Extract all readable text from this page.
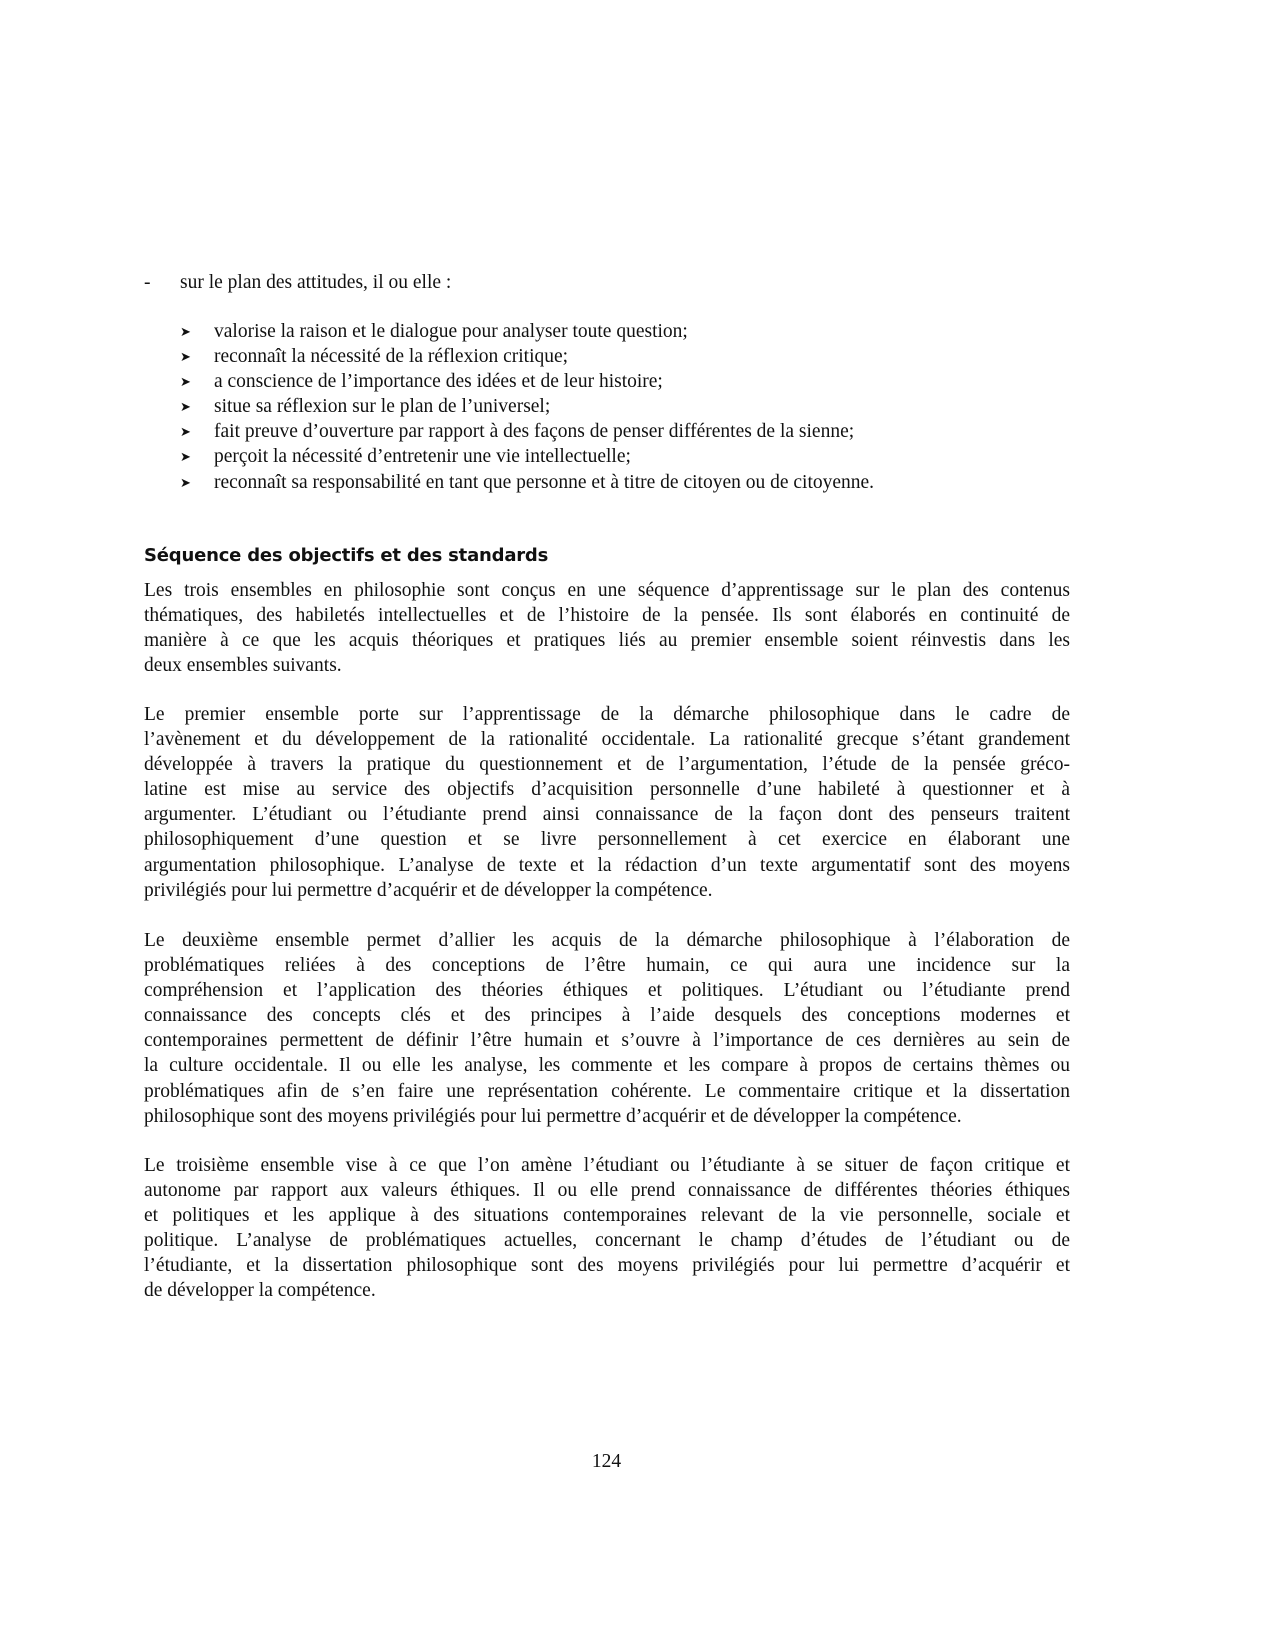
- sur le plan des attitudes, il ou elle :
➤	valorise la raison et le dialogue pour analyser toute question;
➤	reconnaît la nécessité de la réflexion critique;
➤	a conscience de l’importance des idées et de leur histoire;
➤	situe sa réflexion sur le plan de l’universel;
➤	fait preuve d’ouverture par rapport à des façons de penser différentes de la sienne;
➤	perçoit la nécessité d’entretenir une vie intellectuelle;
➤	reconnaît sa responsabilité en tant que personne et à titre de citoyen ou de citoyenne.
Séquence des objectifs et des standards
Les trois ensembles en philosophie sont conçus en une séquence d’apprentissage sur le plan des contenus
thématiques, des habiletés intellectuelles et de l’histoire de la pensée. Ils sont élaborés en continuité de
manière à ce que les acquis théoriques et pratiques liés au premier ensemble soient réinvestis dans les
deux ensembles suivants.
Le premier ensemble porte sur l’apprentissage de la démarche philosophique dans le cadre de
l’avènement et du développement de la rationalité occidentale. La rationalité grecque s’étant grandement
développée à travers la pratique du questionnement et de l’argumentation, l’étude de la pensée gréco-
latine est mise au service des objectifs d’acquisition personnelle d’une habileté à questionner et à
argumenter. L’étudiant ou l’étudiante prend ainsi connaissance de la façon dont des penseurs traitent
philosophiquement d’une question et se livre personnellement à cet exercice en élaborant une
argumentation philosophique. L’analyse de texte et la rédaction d’un texte argumentatif sont des moyens
privilégiés pour lui permettre d’acquérir et de développer la compétence.
Le deuxième ensemble permet d’allier les acquis de la démarche philosophique à l’élaboration de
problématiques reliées à des conceptions de l’être humain, ce qui aura une incidence sur la
compréhension et l’application des théories éthiques et politiques. L’étudiant ou l’étudiante prend
connaissance des concepts clés et des principes à l’aide desquels des conceptions modernes et
contemporaines permettent de définir l’être humain et s’ouvre à l’importance de ces dernières au sein de
la culture occidentale. Il ou elle les analyse, les commente et les compare à propos de certains thèmes ou
problématiques afin de s’en faire une représentation cohérente. Le commentaire critique et la dissertation
philosophique sont des moyens privilégiés pour lui permettre d’acquérir et de développer la compétence.
Le troisième ensemble vise à ce que l’on amène l’étudiant ou l’étudiante à se situer de façon critique et
autonome par rapport aux valeurs éthiques. Il ou elle prend connaissance de différentes théories éthiques
et politiques et les applique à des situations contemporaines relevant de la vie personnelle, sociale et
politique. L’analyse de problématiques actuelles, concernant le champ d’études de l’étudiant ou de
l’étudiante, et la dissertation philosophique sont des moyens privilégiés pour lui permettre d’acquérir et
de développer la compétence.
124
